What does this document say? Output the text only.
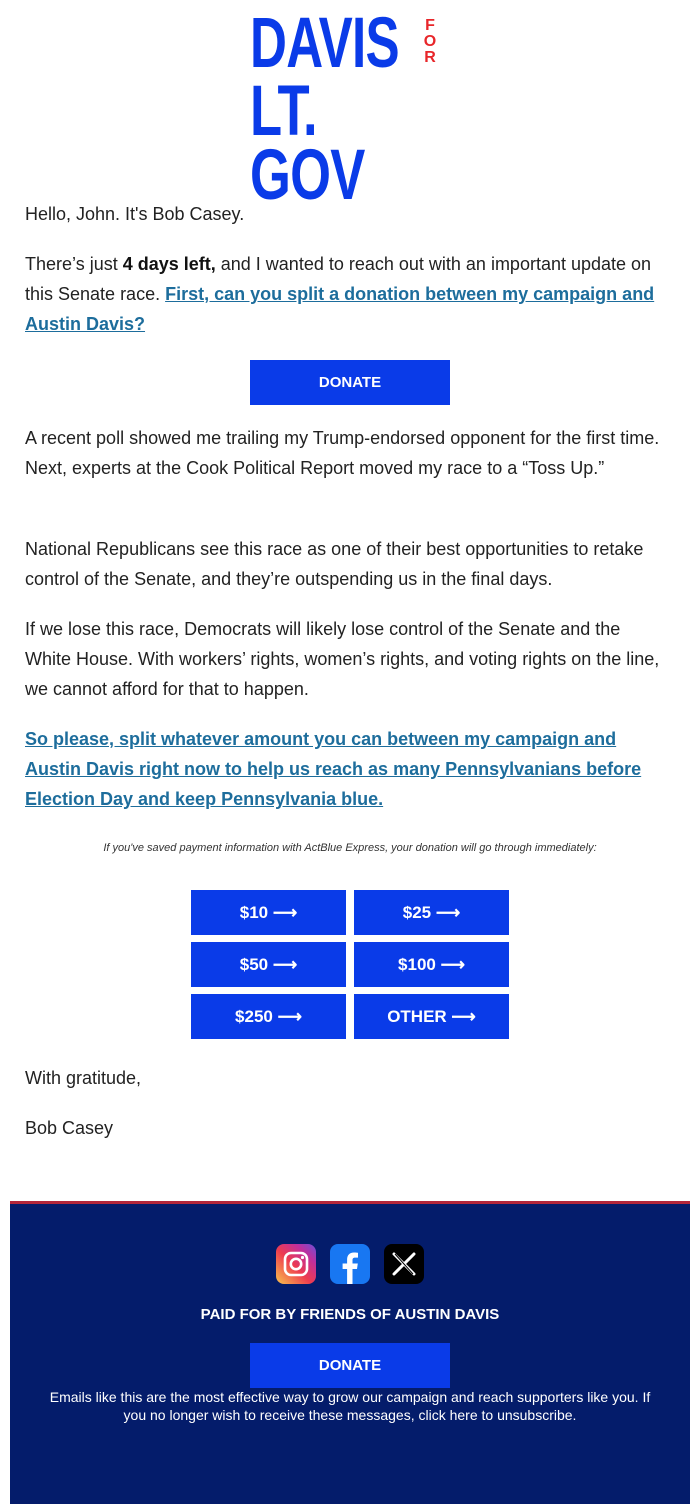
DAVIS	F
O
R
LT. GOV

Hello, John. It's Bob Casey.

There’s just 4 days left, and I wanted to reach out with an important update on this Senate race. First, can you split a donation between my campaign and Austin Davis?

DONATE

A recent poll showed me trailing my Trump-endorsed opponent for the first time. Next, experts at the Cook Political Report moved my race to a “Toss Up.”

National Republicans see this race as one of their best opportunities to retake control of the Senate, and they’re outspending us in the final days.

If we lose this race, Democrats will likely lose control of the Senate and the White House. With workers’ rights, women’s rights, and voting rights on the line, we cannot afford for that to happen.

So please, split whatever amount you can between my campaign and Austin Davis right now to help us reach as many Pennsylvanians before Election Day and keep Pennsylvania blue.

If you've saved payment information with ActBlue Express, your donation will go through immediately:
$10 ⟶	$25 ⟶
$50 ⟶	$100 ⟶
$250 ⟶	OTHER ⟶

With gratitude,

Bob Casey

PAID FOR BY FRIENDS OF AUSTIN DAVIS
DONATE
Emails like this are the most effective way to grow our campaign and reach supporters like you. If you no longer wish to receive these messages, click here to unsubscribe.
